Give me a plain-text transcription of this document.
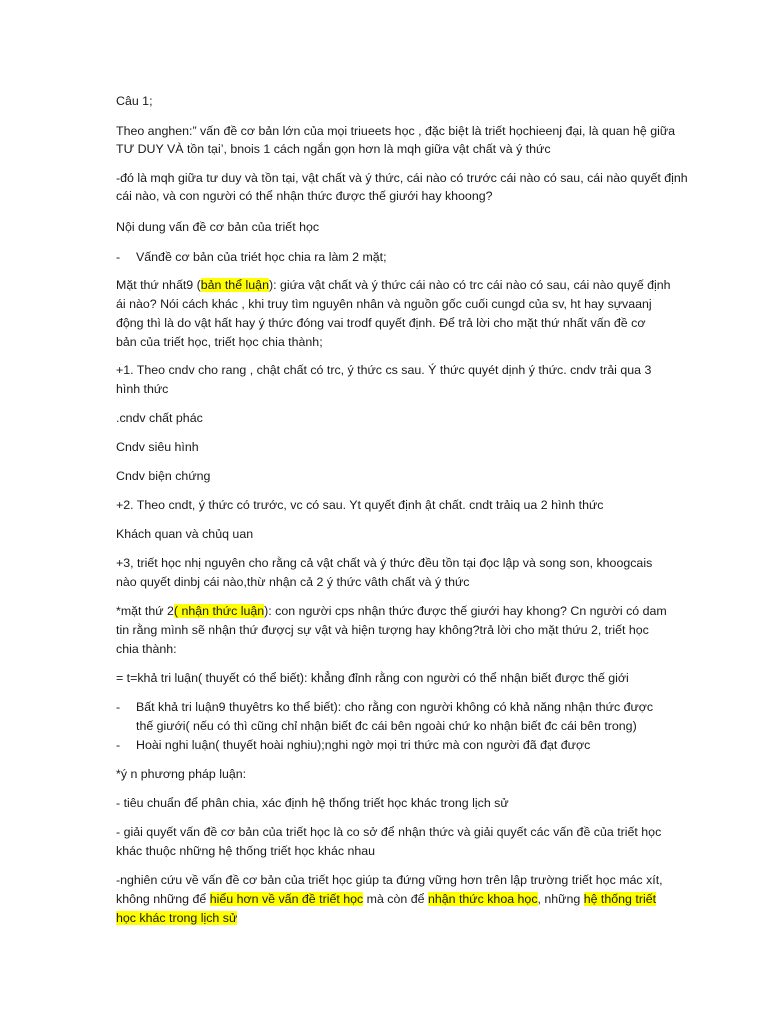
Câu 1;
Theo anghen:” vấn đề cơ bản lớn của mọi triueets học , đặc biệt là triết họchieenj đại, là quan hệ giữa
TƯ DUY VÀ tồn tại’, bnois 1 cách ngắn gọn hơn là mqh giữa vật chất và ý thức
-đó là mqh giữa tư duy và tồn tại, vật chất và ý thức, cái nào có trước cái nào có sau, cái nào quyết định
cái nào, và con người có thể nhận thức được thế giưới hay khoong?
Nội dung vấn đề cơ bản của triết học
-	Vấnđề cơ bản của triét học chia ra làm 2 mặt;
Mặt thứ nhất9 (bản thể luận): giứa vật chất và ý thức cái nào có trc cái nào có sau, cái nào quyế định
ái nào? Nói cách khác , khi truy tìm nguyên nhân và nguồn gốc cuối cungd của sv, ht hay sựvaanj
động thì là do vật hất hay ý thức đóng vai trodf quyết định. Để trả lời cho mặt thứ nhất vấn đề cơ
bản của triết học, triết học chia thành;
+1. Theo cndv cho rang , chật chất có trc, ý thức cs sau. Ý thức quyét dịnh ý thức. cndv trải qua 3
hình thức
.cndv chất phác
Cndv siêu hình
Cndv biện chứng
+2. Theo cndt, ý thức có trước, vc có sau. Yt quyết định ật chất. cndt trảiq ua 2 hình thức
Khách quan và chủq uan
+3, triết học nhị nguyên cho rằng cả vật chất và ý thức đều tồn tại đọc lập và song son, khoogcais
nào quyết dinbj cái nào,thừ nhận cả 2 ý thức vâth chất và ý thức
*mặt thứ 2( nhận thức luận): con người cps nhận thức được thế giưới hay khong? Cn người có dam
tin rằng mình sẽ nhận thứ đượcj sự vật và hiện tượng hay không?trả lời cho mặt thứu 2, triết học
chia thành:
= t=khả tri luận( thuyết có thể biết): khẳng đỉnh rằng con người có thể nhận biết được thế giới
-	Bất khả tri luận9 thuyêtrs ko thể biết): cho rằng con người không có khả năng nhận thức được
thế giưới( nếu có thì cũng chỉ nhận biết đc cái bên ngoài chứ ko nhận biết đc cái bên trong)
-	Hoài nghi luận( thuyết hoài nghiu);nghi ngờ mọi tri thức mà con người đã đạt được
*ý n phương pháp luận:
- tiêu chuẩn để phân chia, xác định hệ thống triết học khác trong lịch sử
- giải quyết vấn đề cơ bản của triết học là co sở để nhận thức và giải quyết các vấn đề của triết học
khác thuộc những hệ thống triết học khác nhau
-nghiên cứu về vấn đề cơ bản của triết học giúp ta đứng vững hơn trên lập trường triết học mác xít,
không những để hiểu hơn về vấn đề triết học mà còn để nhận thức khoa học, những hệ thống triết
học khác trong lịch sử
